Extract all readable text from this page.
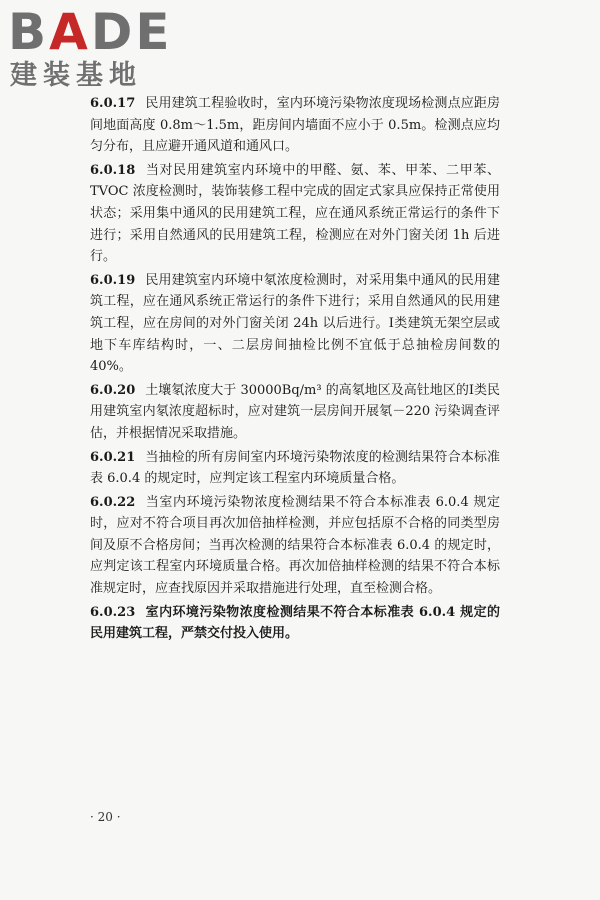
BADE
建装基地

6.0.17 民用建筑工程验收时，室内环境污染物浓度现场检测点应距房间地面高度 0.8m～1.5m，距房间内墙面不应小于 0.5m。检测点应均匀分布，且应避开通风道和通风口。

6.0.18 当对民用建筑室内环境中的甲醛、氨、苯、甲苯、二甲苯、TVOC 浓度检测时，装饰装修工程中完成的固定式家具应保持正常使用状态；采用集中通风的民用建筑工程，应在通风系统正常运行的条件下进行；采用自然通风的民用建筑工程，检测应在对外门窗关闭 1h 后进行。

6.0.19 民用建筑室内环境中氡浓度检测时，对采用集中通风的民用建筑工程，应在通风系统正常运行的条件下进行；采用自然通风的民用建筑工程，应在房间的对外门窗关闭 24h 以后进行。Ⅰ类建筑无架空层或地下车库结构时，一、二层房间抽检比例不宜低于总抽检房间数的 40%。

6.0.20 土壤氡浓度大于 30000Bq/m³ 的高氡地区及高钍地区的Ⅰ类民用建筑室内氡浓度超标时，应对建筑一层房间开展氡－220 污染调查评估，并根据情况采取措施。

6.0.21 当抽检的所有房间室内环境污染物浓度的检测结果符合本标准表 6.0.4 的规定时，应判定该工程室内环境质量合格。

6.0.22 当室内环境污染物浓度检测结果不符合本标准表 6.0.4 规定时，应对不符合项目再次加倍抽样检测，并应包括原不合格的同类型房间及原不合格房间；当再次检测的结果符合本标准表 6.0.4 的规定时，应判定该工程室内环境质量合格。再次加倍抽样检测的结果不符合本标准规定时，应查找原因并采取措施进行处理，直至检测合格。

6.0.23 室内环境污染物浓度检测结果不符合本标准表 6.0.4 规定的民用建筑工程，严禁交付投入使用。

· 20 ·
